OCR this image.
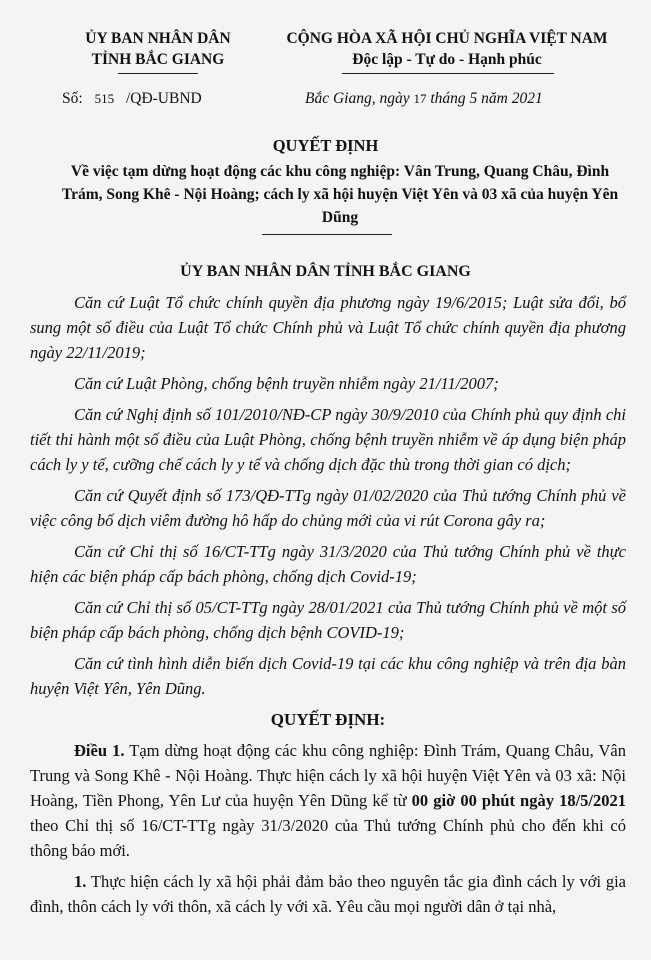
ỦY BAN NHÂN DÂN
TỈNH BẮC GIANG
CỘNG HÒA XÃ HỘI CHỦ NGHĨA VIỆT NAM
Độc lập - Tự do - Hạnh phúc
Số: 515 /QĐ-UBND	Bắc Giang, ngày 17 tháng 5 năm 2021
QUYẾT ĐỊNH
Về việc tạm dừng hoạt động các khu công nghiệp: Vân Trung, Quang Châu, Đình Trám, Song Khê - Nội Hoàng; cách ly xã hội huyện Việt Yên và 03 xã của huyện Yên Dũng
ỦY BAN NHÂN DÂN TỈNH BẮC GIANG

Căn cứ Luật Tổ chức chính quyền địa phương ngày 19/6/2015; Luật sửa đổi, bổ sung một số điều của Luật Tổ chức Chính phủ và Luật Tổ chức chính quyền địa phương ngày 22/11/2019;

Căn cứ Luật Phòng, chống bệnh truyền nhiễm ngày 21/11/2007;

Căn cứ Nghị định số 101/2010/NĐ-CP ngày 30/9/2010 của Chính phủ quy định chi tiết thi hành một số điều của Luật Phòng, chống bệnh truyền nhiễm về áp dụng biện pháp cách ly y tế, cưỡng chế cách ly y tế và chống dịch đặc thù trong thời gian có dịch;

Căn cứ Quyết định số 173/QĐ-TTg ngày 01/02/2020 của Thủ tướng Chính phủ về việc công bố dịch viêm đường hô hấp do chủng mới của vi rút Corona gây ra;

Căn cứ Chỉ thị số 16/CT-TTg ngày 31/3/2020 của Thủ tướng Chính phủ về thực hiện các biện pháp cấp bách phòng, chống dịch Covid-19;

Căn cứ Chỉ thị số 05/CT-TTg ngày 28/01/2021 của Thủ tướng Chính phủ về một số biện pháp cấp bách phòng, chống dịch bệnh COVID-19;

Căn cứ tình hình diễn biến dịch Covid-19 tại các khu công nghiệp và trên địa bàn huyện Việt Yên, Yên Dũng.

QUYẾT ĐỊNH:

Điều 1. Tạm dừng hoạt động các khu công nghiệp: Đình Trám, Quang Châu, Vân Trung và Song Khê - Nội Hoàng. Thực hiện cách ly xã hội huyện Việt Yên và 03 xã: Nội Hoàng, Tiền Phong, Yên Lư của huyện Yên Dũng kể từ 00 giờ 00 phút ngày 18/5/2021 theo Chỉ thị số 16/CT-TTg ngày 31/3/2020 của Thủ tướng Chính phủ cho đến khi có thông báo mới.

1. Thực hiện cách ly xã hội phải đảm bảo theo nguyên tắc gia đình cách ly với gia đình, thôn cách ly với thôn, xã cách ly với xã. Yêu cầu mọi người dân ở tại nhà,
